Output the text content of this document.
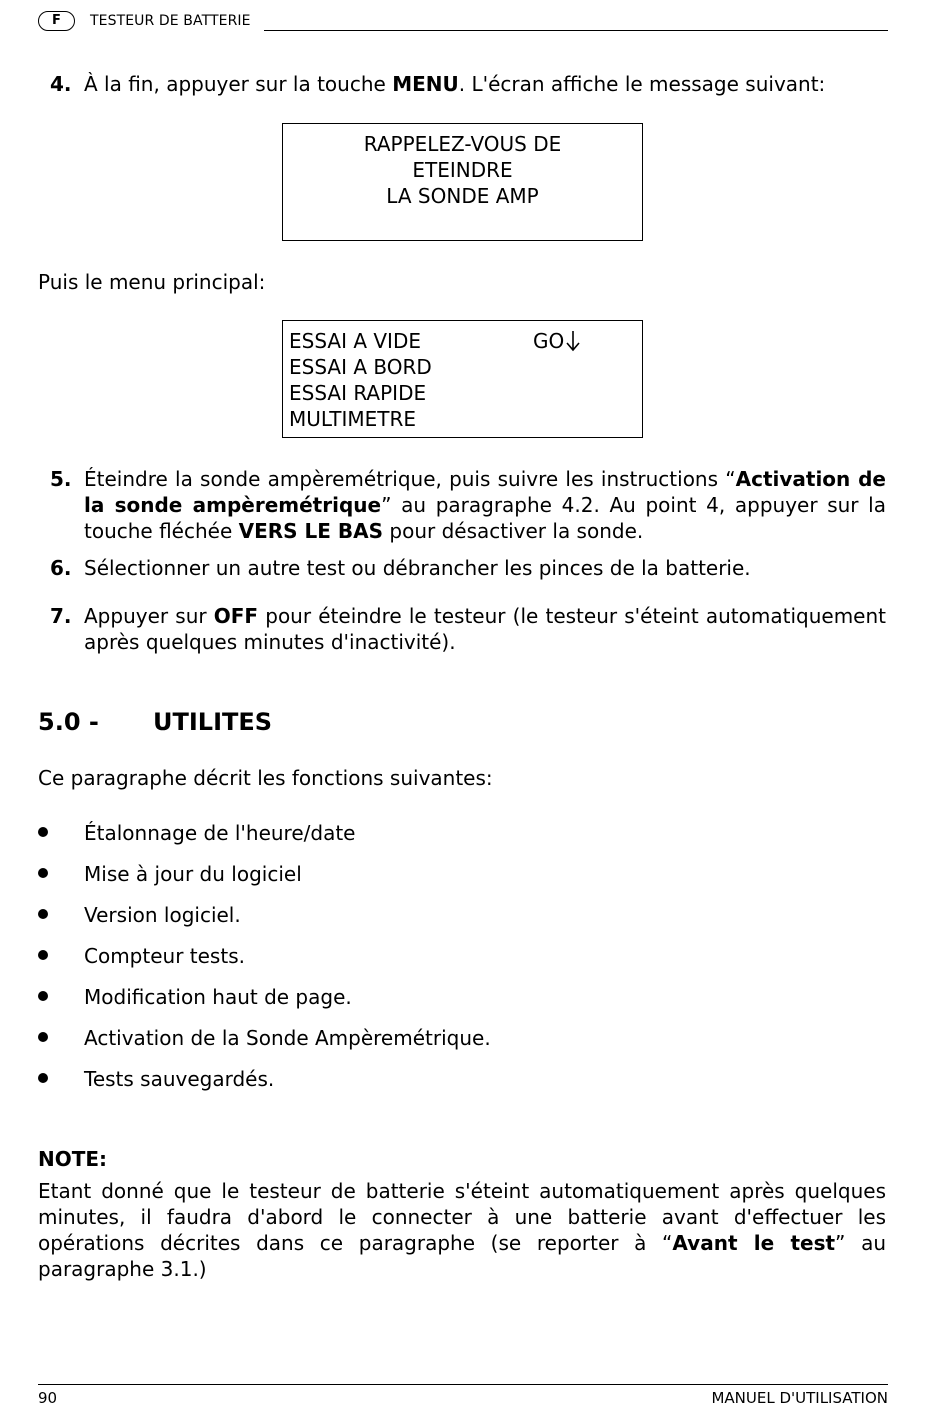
F	TESTEUR DE BATTERIE
4. À la fin, appuyer sur la touche MENU. L'écran affiche le message suivant:
RAPPELEZ-VOUS DE
ETEINDRE
LA SONDE AMP
Puis le menu principal:
ESSAI A VIDE	GO
ESSAI A BORD
ESSAI RAPIDE
MULTIMETRE
5. Éteindre la sonde ampèremétrique, puis suivre les instructions “Activation de la sonde ampèremétrique” au paragraphe 4.2. Au point 4, appuyer sur la touche fléchée VERS LE BAS pour désactiver la sonde.
6. Sélectionner un autre test ou débrancher les pinces de la batterie.
7. Appuyer sur OFF pour éteindre le testeur (le testeur s'éteint automatiquement après quelques minutes d'inactivité).
5.0 - UTILITES
Ce paragraphe décrit les fonctions suivantes:
Étalonnage de l'heure/date
Mise à jour du logiciel
Version logiciel.
Compteur tests.
Modification haut de page.
Activation de la Sonde Ampèremétrique.
Tests sauvegardés.
NOTE:
Etant donné que le testeur de batterie s'éteint automatiquement après quelques minutes, il faudra d'abord le connecter à une batterie avant d'effectuer les opérations décrites dans ce paragraphe (se reporter à “Avant le test” au paragraphe 3.1.)
90	MANUEL D'UTILISATION
